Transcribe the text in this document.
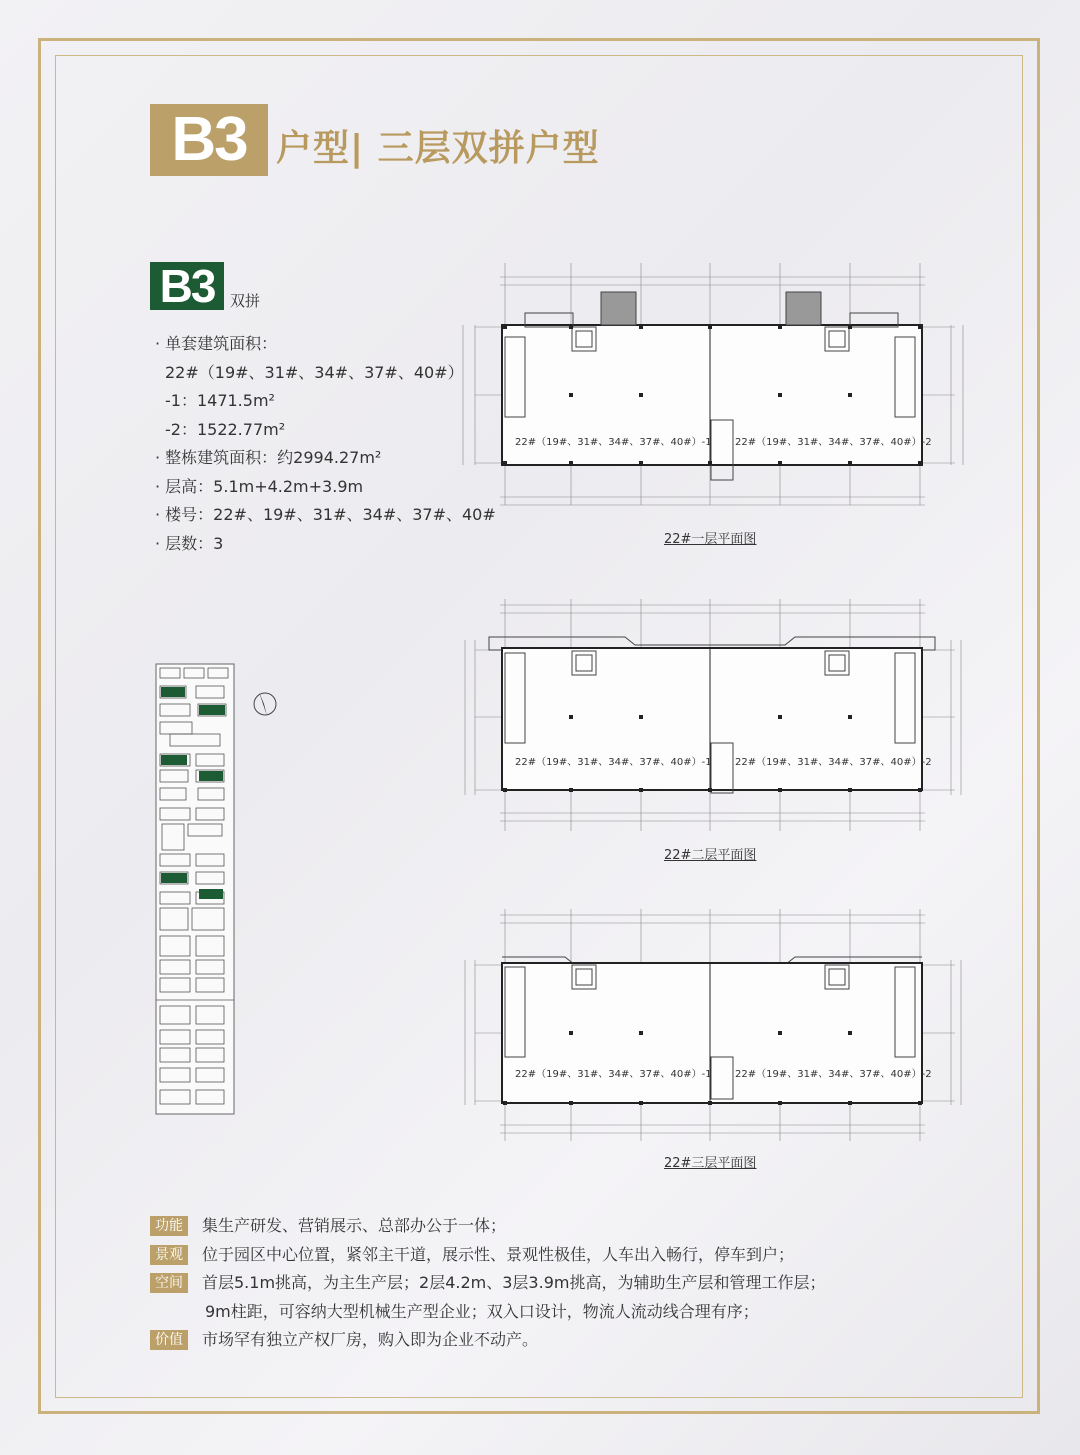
B3 户型| 三层双拼户型
B3	双拼
· 单套建筑面积：
22#（19#、31#、34#、37#、40#）
-1：1471.5m²
-2：1522.77m²
· 整栋建筑面积：约2994.27m²
· 层高：5.1m+4.2m+3.9m
· 楼号：22#、19#、31#、34#、37#、40#
· 层数：3
22#（19#、31#、34#、37#、40#）-1 22#（19#、31#、34#、37#、40#）-2
22#一层平面图
22#（19#、31#、34#、37#、40#）-1 22#（19#、31#、34#、37#、40#）-2
22#二层平面图
22#（19#、31#、34#、37#、40#）-1 22#（19#、31#、34#、37#、40#）-2
22#三层平面图
功能	集生产研发、营销展示、总部办公于一体；
景观	位于园区中心位置，紧邻主干道，展示性、景观性极佳，人车出入畅行，停车到户；
空间	首层5.1m挑高，为主生产层；2层4.2m、3层3.9m挑高，为辅助生产层和管理工作层；
9m柱距，可容纳大型机械生产型企业；双入口设计，物流人流动线合理有序；
价值	市场罕有独立产权厂房，购入即为企业不动产。
